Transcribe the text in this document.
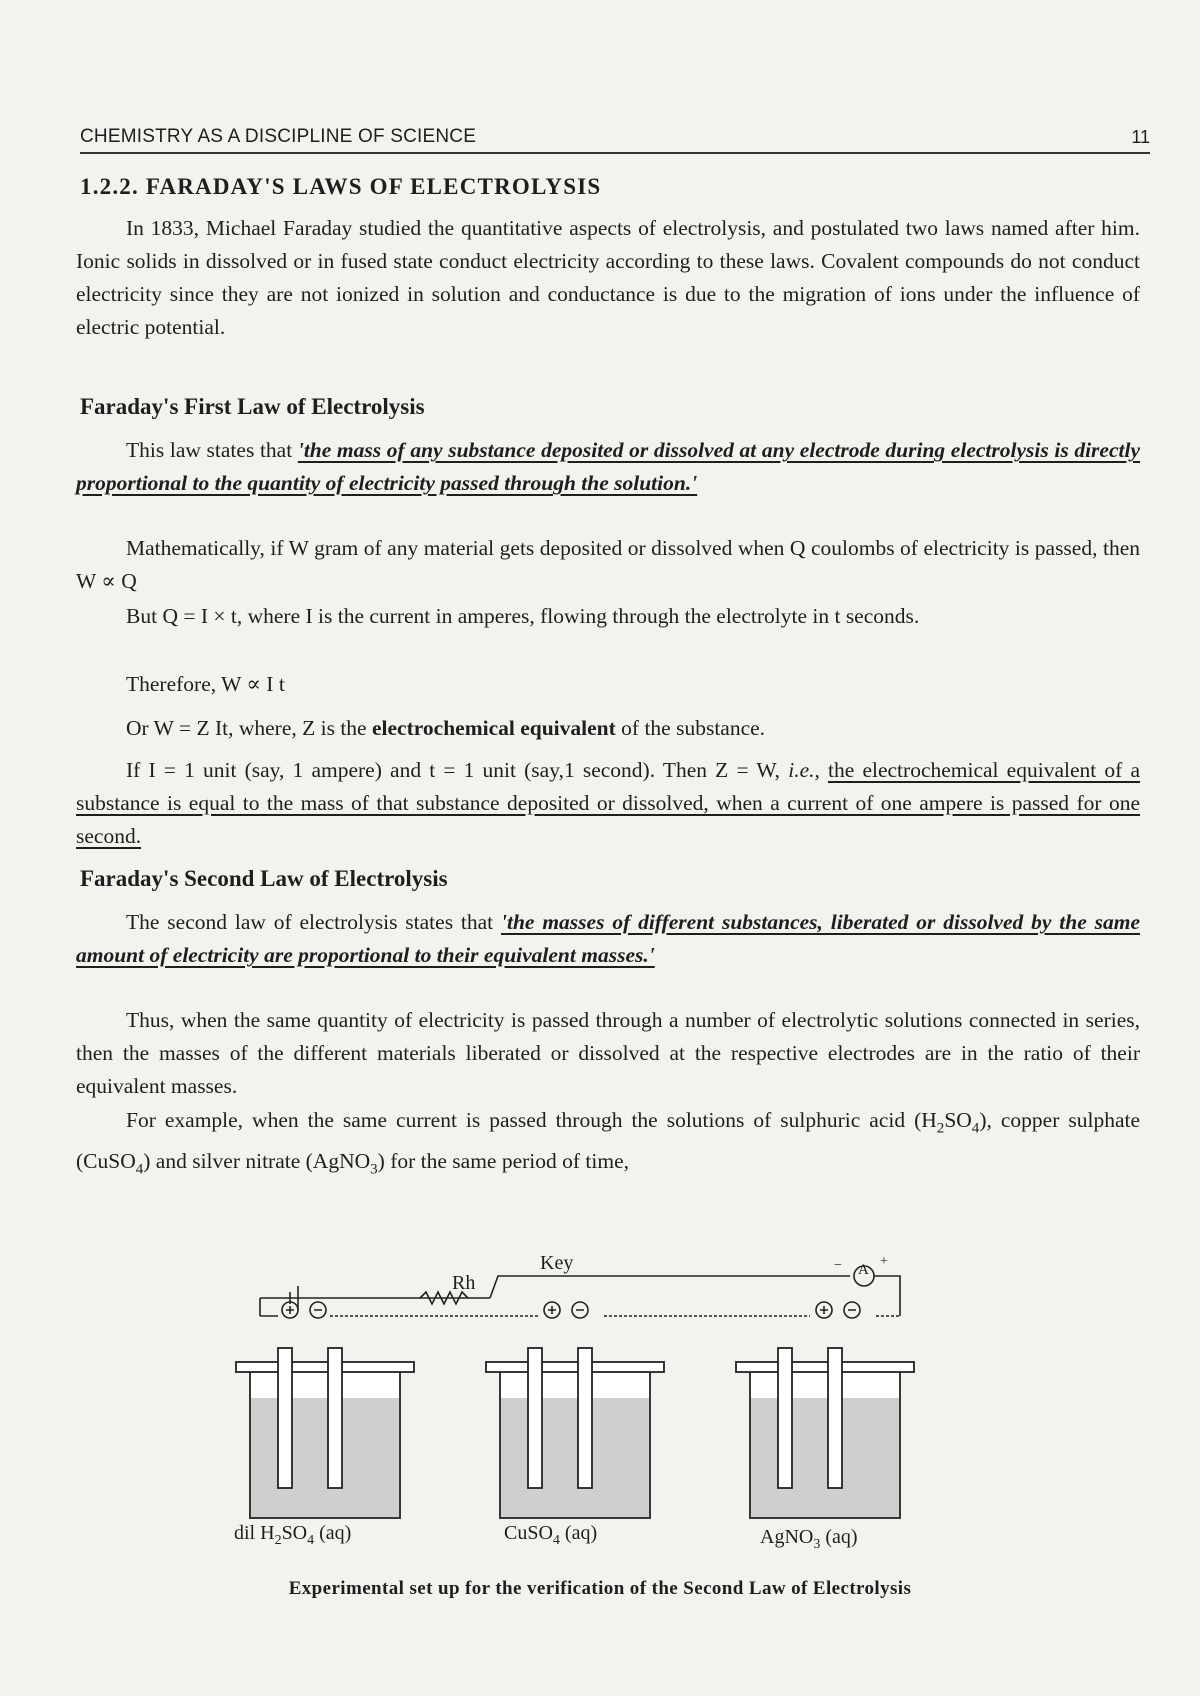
CHEMISTRY AS A DISCIPLINE OF SCIENCE	11
1.2.2. FARADAY'S LAWS OF ELECTROLYSIS
In 1833, Michael Faraday studied the quantitative aspects of electrolysis, and postulated two laws named after him. Ionic solids in dissolved or in fused state conduct electricity according to these laws. Covalent compounds do not conduct electricity since they are not ionized in solution and conductance is due to the migration of ions under the influence of electric potential.
Faraday's First Law of Electrolysis
This law states that 'the mass of any substance deposited or dissolved at any electrode during electrolysis is directly proportional to the quantity of electricity passed through the solution.'
Mathematically, if W gram of any material gets deposited or dissolved when Q coulombs of electricity is passed, then W ∝ Q
But Q = I × t, where I is the current in amperes, flowing through the electrolyte in t seconds.
Therefore, W ∝ I t
Or W = Z It, where, Z is the electrochemical equivalent of the substance.
If I = 1 unit (say, 1 ampere) and t = 1 unit (say,1 second). Then Z = W, i.e., the electrochemical equivalent of a substance is equal to the mass of that substance deposited or dissolved, when a current of one ampere is passed for one second.
Faraday's Second Law of Electrolysis
The second law of electrolysis states that 'the masses of different substances, liberated or dissolved by the same amount of electricity are proportional to their equivalent masses.'
Thus, when the same quantity of electricity is passed through a number of electrolytic solutions connected in series, then the masses of the different materials liberated or dissolved at the respective electrodes are in the ratio of their equivalent masses.
For example, when the same current is passed through the solutions of sulphuric acid $(H_2SO_4)$, copper sulphate (CuSO$_4$) and silver nitrate (AgNO$_3$) for the same period of time,
Key
Rh
A
−	+
dil $H_2SO_4$ (aq)	CuSO$_4$ (aq)	AgNO$_3$ (aq)
Experimental set up for the verification of the Second Law of Electrolysis
